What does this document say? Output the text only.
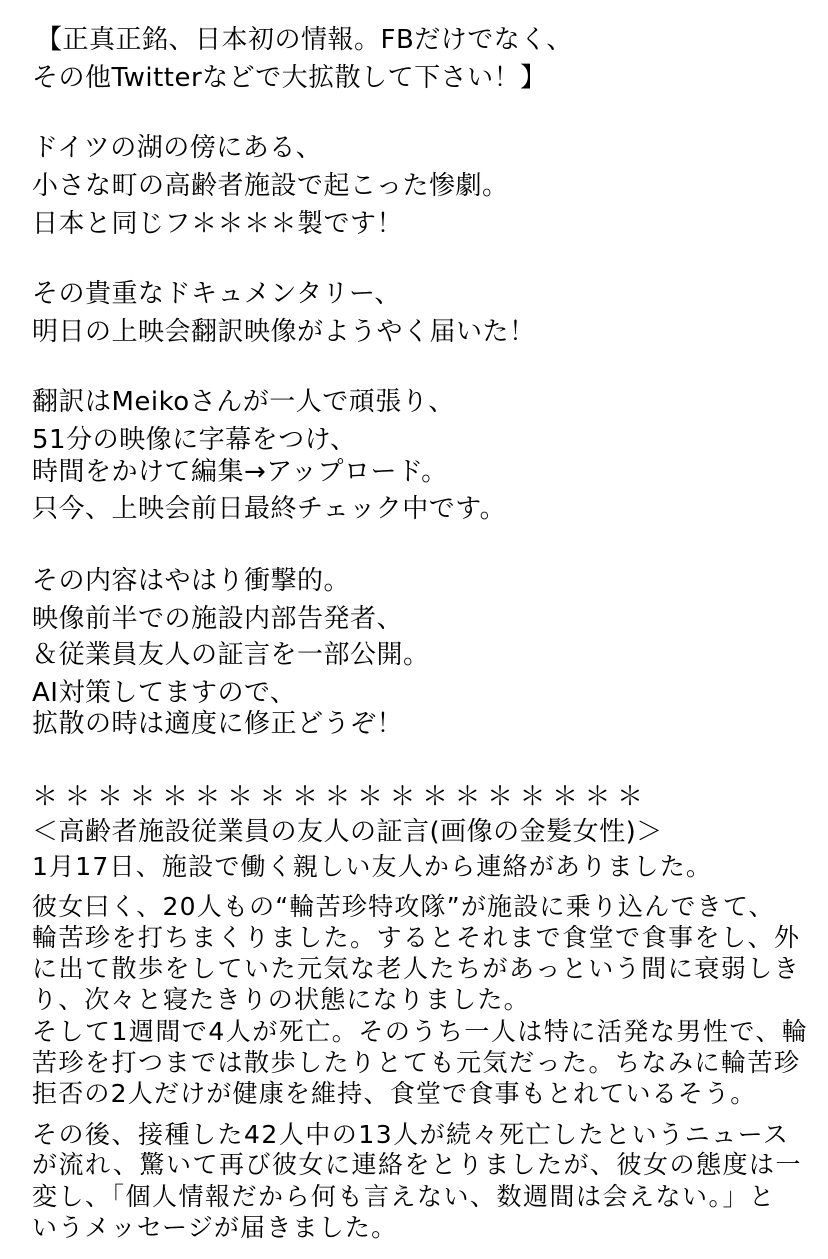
【正真正銘、日本初の情報。FBだけでなく、
その他Twitterなどで大拡散して下さい！】
ドイツの湖の傍にある、
小さな町の高齢者施設で起こった惨劇。
日本と同じフ＊＊＊＊製です！
その貴重なドキュメンタリー、
明日の上映会翻訳映像がようやく届いた！
翻訳はMeikoさんが一人で頑張り、
51分の映像に字幕をつけ、
時間をかけて編集→アップロード。
只今、上映会前日最終チェック中です。
その内容はやはり衝撃的。
映像前半での施設内部告発者、
＆従業員友人の証言を一部公開。
AI対策してますので、
拡散の時は適度に修正どうぞ！
＊＊＊＊＊＊＊＊＊＊＊＊＊＊＊＊＊＊＊
＜高齢者施設従業員の友人の証言(画像の金髪女性)＞
1月17日、施設で働く親しい友人から連絡がありました。
彼女曰く、20人もの“輪苦珍特攻隊”が施設に乗り込んできて、
輪苦珍を打ちまくりました。するとそれまで食堂で食事をし、外
に出て散歩をしていた元気な老人たちがあっという間に衰弱しき
り、次々と寝たきりの状態になりました。
そして1週間で4人が死亡。そのうち一人は特に活発な男性で、輪
苦珍を打つまでは散歩したりとても元気だった。ちなみに輪苦珍
拒否の2人だけが健康を維持、食堂で食事もとれているそう。
その後、接種した42人中の13人が続々死亡したというニュース
が流れ、驚いて再び彼女に連絡をとりましたが、彼女の態度は一
変し、「個人情報だから何も言えない、数週間は会えない。」と
いうメッセージが届きました。
